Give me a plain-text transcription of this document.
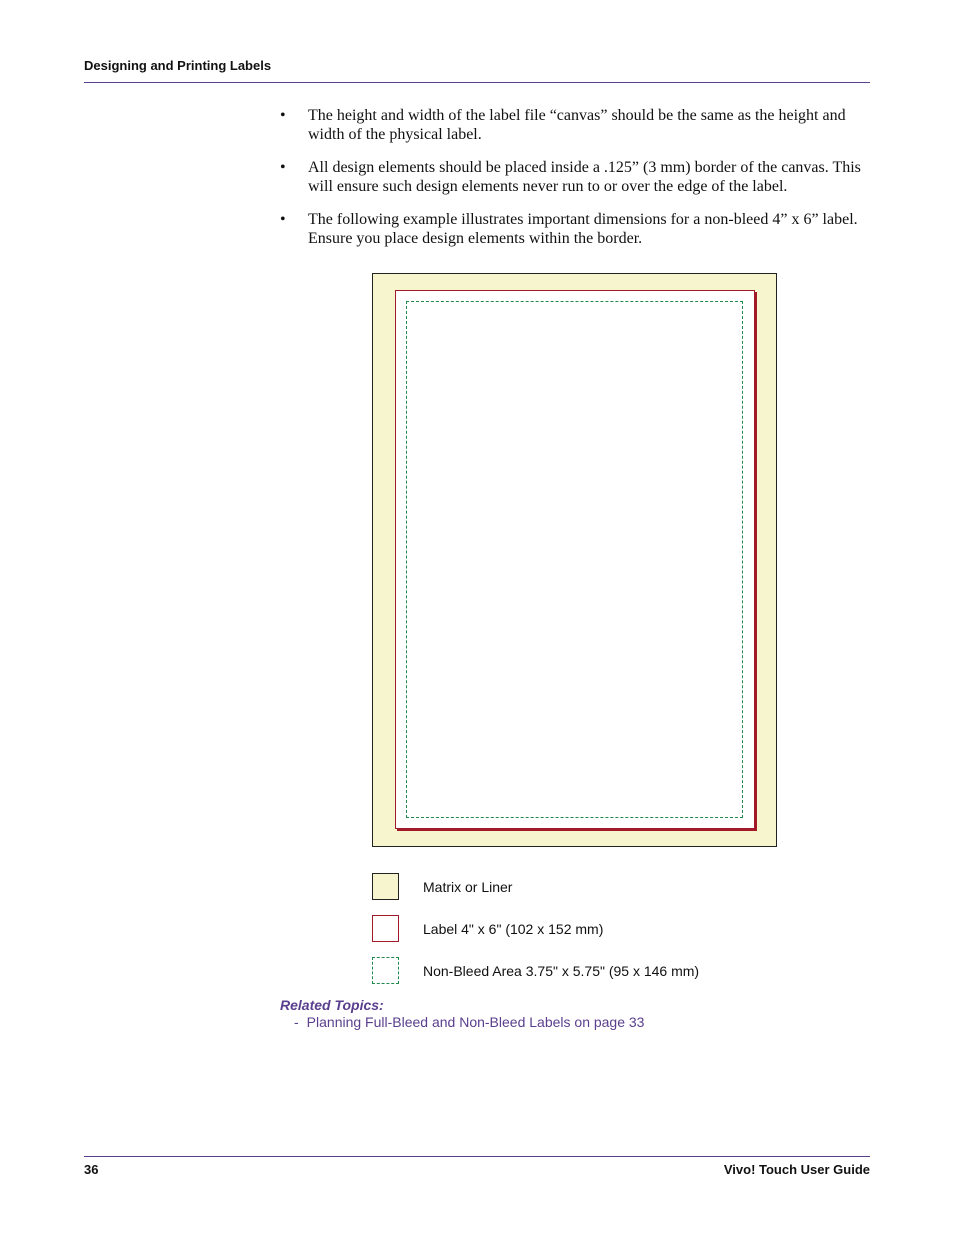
Designing and Printing Labels
• The height and width of the label file “canvas” should be the same as the height and width of the physical label.
• All design elements should be placed inside a .125” (3 mm) border of the canvas. This will ensure such design elements never run to or over the edge of the label.
• The following example illustrates important dimensions for a non-bleed 4” x 6” label. Ensure you place design elements within the border.
Matrix or Liner
Label 4" x 6" (102 x 152 mm)
Non-Bleed Area 3.75" x 5.75" (95 x 146 mm)
Related Topics:
- Planning Full-Bleed and Non-Bleed Labels on page 33
36	Vivo! Touch User Guide
